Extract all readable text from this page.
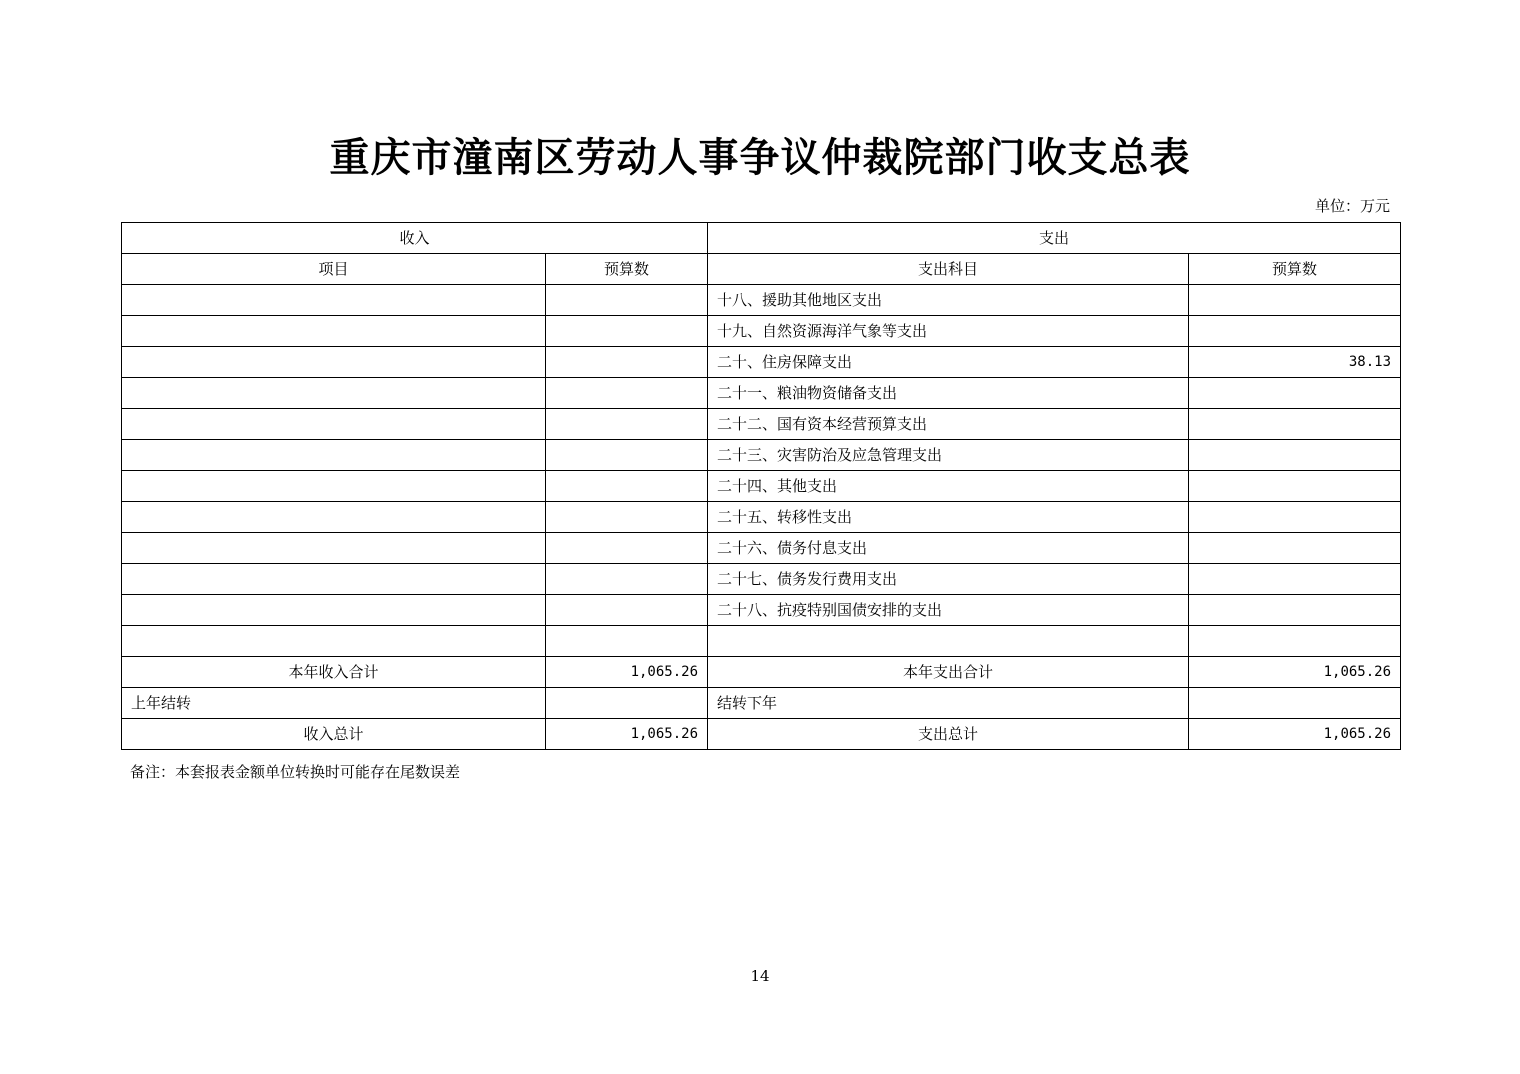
重庆市潼南区劳动人事争议仲裁院部门收支总表
单位：万元
收入		支出	
项目	预算数	支出科目	预算数
		十八、援助其他地区支出	
		十九、自然资源海洋气象等支出	
		二十、住房保障支出	38.13
		二十一、粮油物资储备支出	
		二十二、国有资本经营预算支出	
		二十三、灾害防治及应急管理支出	
		二十四、其他支出	
		二十五、转移性支出	
		二十六、债务付息支出	
		二十七、债务发行费用支出	
		二十八、抗疫特别国债安排的支出	

本年收入合计	1,065.26	本年支出合计	1,065.26
上年结转		结转下年	
收入总计	1,065.26	支出总计	1,065.26
备注：本套报表金额单位转换时可能存在尾数误差
14
